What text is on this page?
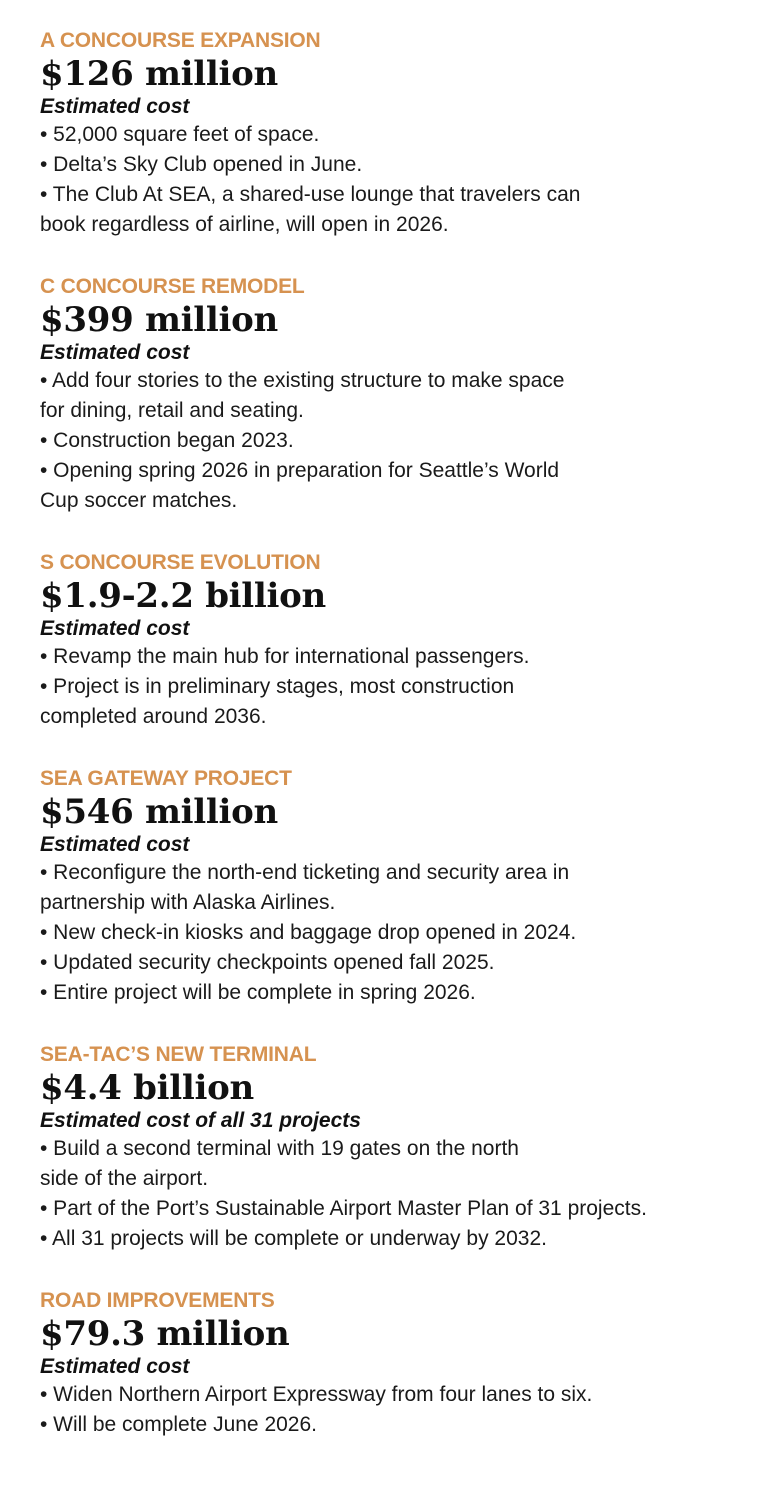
A CONCOURSE EXPANSION
$126 million
Estimated cost
• 52,000 square feet of space.
• Delta’s Sky Club opened in June.
• The Club At SEA, a shared-use lounge that travelers can book regardless of airline, will open in 2026.
C CONCOURSE REMODEL
$399 million
Estimated cost
• Add four stories to the existing structure to make space for dining, retail and seating.
• Construction began 2023.
• Opening spring 2026 in preparation for Seattle’s World Cup soccer matches.
S CONCOURSE EVOLUTION
$1.9-2.2 billion
Estimated cost
• Revamp the main hub for international passengers.
• Project is in preliminary stages, most construction completed around 2036.
SEA GATEWAY PROJECT
$546 million
Estimated cost
• Reconfigure the north-end ticketing and security area in partnership with Alaska Airlines.
• New check-in kiosks and baggage drop opened in 2024.
• Updated security checkpoints opened fall 2025.
• Entire project will be complete in spring 2026.
SEA-TAC’S NEW TERMINAL
$4.4 billion
Estimated cost of all 31 projects
• Build a second terminal with 19 gates on the north side of the airport.
• Part of the Port’s Sustainable Airport Master Plan of 31 projects.
• All 31 projects will be complete or underway by 2032.
ROAD IMPROVEMENTS
$79.3 million
Estimated cost
• Widen Northern Airport Expressway from four lanes to six.
• Will be complete June 2026.
